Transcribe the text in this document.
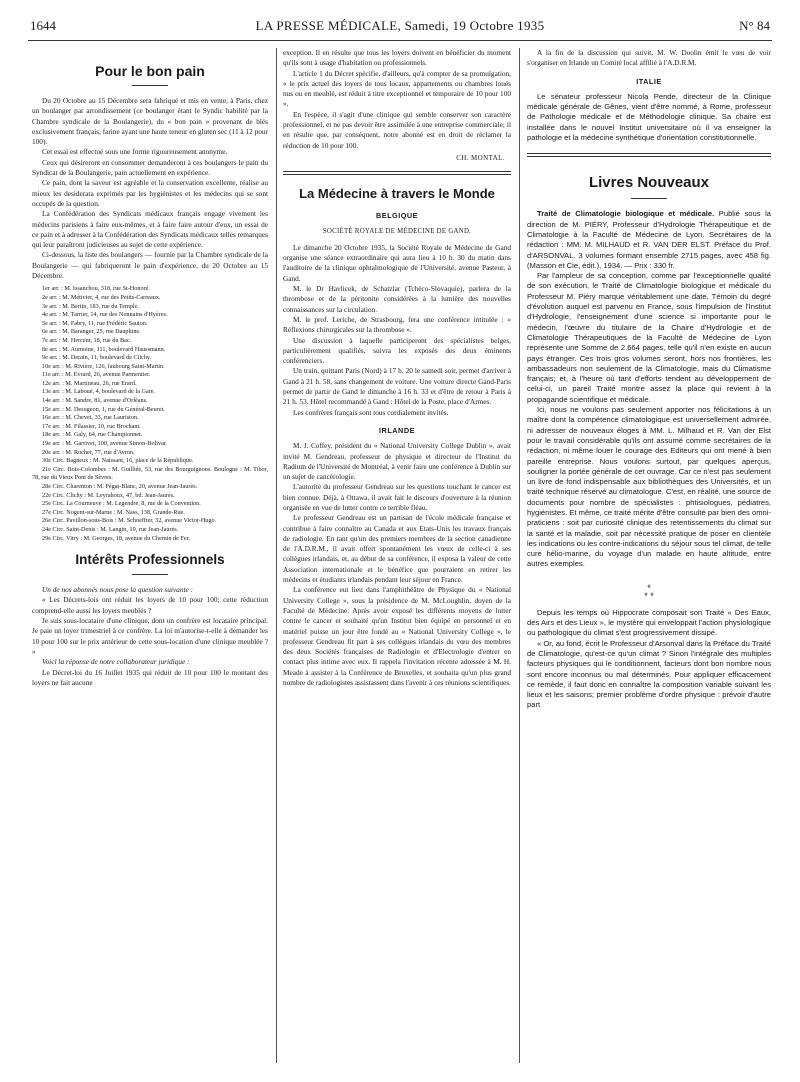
1644	LA PRESSE MÉDICALE, Samedi, 19 Octobre 1935	N° 84
Pour le bon pain

Du 20 Octobre au 15 Décembre sera fabriqué et mis en vente, à Paris, chez un boulanger par arrondissement (ce boulanger étant le Syndic habilité par la Chambre syndicale de la Boulangerie), du « bon pain » provenant de blés exclusivement français, farine ayant une haute teneur en gluten sec (11 à 12 pour 100).

Cet essai est effectué sous une forme rigoureusement anonyme.

Ceux qui désireront en consommer demanderont à ces boulangers le pain du Syndicat de la Boulangerie, pain actuellement en expérience.

Ce pain, dont la saveur est agréable et la conservation excellente, réalise au mieux les desiderata exprimés par les hygiénistes et les médecins qui se sont occupés de la question.

La Confédération des Syndicats médicaux français engage vivement les médecins parisiens à faire eux-mêmes, et à faire faire autour d'eux, un essai de ce pain et à adresser à la Confédération des Syndicats médicaux telles remarques qui leur paraîtront judicieuses au sujet de cette expérience.

Ci-dessous, la liste des boulangers — fournie par la Chambre syndicale de la Boulangerie — qui fabriqueront le pain d'expérience, du 20 Octobre au 15 Décembre.

1er arr. : M. Issanchou, 318, rue St-Honoré.

2e arr. : M. Métivier, 4, rue des Petits-Carreaux.

3e arr. : M. Bertin, 183, rue du Temple.

4e arr. : M. Tarrier, 14, rue des Nonnains d'Hyères.

5e arr. : M. Fabry, 11, rue Frédéric Sauton.

6e arr. : M. Baranger, 25, rue Dauphine.

7e arr. : M. Hercent, 18, rue du Bac.

8e arr. : M. Aumoine, 111, boulevard Haussmann.

9e arr. : M. Derain, 11, boulevard de Clichy.

10e arr. : M. Rivière, 126, faubourg Saint-Martin.

11e arr. : M. Evrard, 26, avenue Parmentier.

12e arr. : M. Martineau, 26, rue Erard.

13e arr. : M. Laboué, 4, boulevard de la Gare.

14e arr. : M. Sandre, 81, avenue d'Orléans.

15e arr. : M. Desugeon, 1, rue du Général-Beuret.

16e arr. : M. Chevet, 33, rue Lauriston.

17e arr. : M. Filassier, 10, rue Brochant.

18e arr. : M. Galy, 64, rue Championnet.

19e arr. : M. Garrivet, 100, avenue Simon-Bolivar.

20e arr. : M. Rocher, 77, rue d'Avron.

30e Circ. Bagneux : M. Naissant, 16, place de la République.

21e Circ. Bois-Colombes : M. Guilliée, 53, rue des Bourguignons. Boulogne : M. Tibor, 78, rue du Vieux Pont de Sèvres.

28e Circ. Charenton : M. Pégat-Blanc, 20, avenue Jean-Jaurès.

22e Circ. Clichy : M. Leyrahoux, 47, bd. Jean-Jaurès.

25e Circ. La Courneuve : M. Legendre, 8, rue de la Convention.

27e Circ. Nogent-sur-Marne : M. Nass, 138, Grande-Rue.

26e Circ. Pavillon-sous-Bois : M. Schoeffter, 32, avenue Victor-Hugo.

24e Circ. Saint-Denis : M. Langin, 19, rue Jean-Jaurès.

29e Circ. Vitry : M. Georges, 18, avenue du Chemin de Fer.

Intérêts Professionnels

Un de nos abonnés nous pose la question suivante :

« Les Décrets-lois ont réduit les loyers de 10 pour 100; cette réduction comprend-elle aussi les loyers meublés ?

Je suis sous-locataire d'une clinique, dont un confrère est locataire principal. Je paie un loyer trimestriel à ce confrère. La loi m'autorise-t-elle à demander les 10 pour 100 sur le prix antérieur de cette sous-location d'une clinique meublée ? »

Voici la réponse de notre collaborateur juridique :

Le Décret-loi du 16 Juillet 1935 qui réduit de 10 pour 100 le montant des loyers ne fait aucune

exception. Il en résulte que tous les loyers doivent en bénéficier du moment qu'ils sont à usage d'habitation ou professionnels.

L'article 1 du Décret spécifie, d'ailleurs, qu'à compter de sa promulgation, « le prix actuel des loyers de tous locaux, appartements ou chambres loués nus ou en meublé, est réduit à titre exceptionnel et temporaire de 10 pour 100 ».

En l'espèce, il s'agit d'une clinique qui semble conserver son caractère professionnel, et ne pas devoir être assimilée à une entreprise commerciale; il en résulte que, par conséquent, notre abonné est en droit de réclamer la réduction de 10 pour 100.

CH. MONTAL.
La Médecine à travers le Monde
BELGIQUE
SOCIÉTÉ ROYALE DE MÉDECINE DE GAND.

Le dimanche 20 Octobre 1935, la Société Royale de Médecine de Gand organise une séance extraordinaire qui aura lieu à 10 h. 30 du matin dans l'auditoire de la clinique ophtalmologique de l'Université, avenue Pasteur, à Gand.

M. le Dr Havlicek, de Schatzlar (Tchéco-Slovaquie), parlera de la thrombose et de la péritonite considérées à la lumière des nouvelles connaissances sur la circulation.

M. le prof. Leriche, de Strasbourg, fera une conférence intitulée : « Réflexions chirurgicales sur la thrombose ».

Une discussion à laquelle participeront des spécialistes belges, particulièrement qualifiés, suivra les exposés des deux éminents conférenciers.

Un train, quittant Paris (Nord) à 17 h. 20 le samedi soir, permet d'arriver à Gand à 21 h. 58, sans changement de voiture. Une voiture directe Gand-Paris permet de partir de Gand le dimanche à 16 h. 33 et d'être de retour à Paris à 21 h. 53. Hôtel recommandé à Gand : Hôtel de la Poste, place d'Armes.

Les confrères français sont tous cordialement invités.

IRLANDE

M. J. Coffey, président du « National University College Dublin », avait invité M. Gendreau, professeur de physique et directeur de l'Institut du Radium de l'Université de Montréal, à venir faire une conférence à Dublin sur un sujet de cancérologie.

L'autorité du professeur Gendreau sur les questions touchant le cancer est bien connue. Déjà, à Ottawa, il avait fait le discours d'ouverture à la réunion organisée en vue de lutter contre ce terrible fléau.

Le professeur Gendreau est un partisan de l'école médicale française et contribue à faire connaître au Canada et aux Etats-Unis les travaux français de radiologie. En tant qu'un des premiers membres de la section canadienne de l'A.D.R.M., il avait offert spontanément les vœux de celle-ci à ses collègues irlandais, et, au début de sa conférence, il exposa la valeur de cette Association internationale et le bénéfice que pourraient en retirer les médecins et étudiants irlandais pendant leur séjour en France.

La conférence eut lieu dans l'amphithéâtre de Physique du « National University College », sous la présidence de M. McLoughlin, doyen de la Faculté de Médecine. Après avoir exposé les différents moyens de lutter contre le cancer et souhaité qu'un Institut bien équipé en personnel et en matériel puisse un jour être fondé au « National University College », le professeur Gendreau fit part à ses collègues irlandais du vœu des membres des deux Sociétés françaises de Radiologie et d'Electrologie d'entrer en contact plus intime avec eux. Il rappela l'invitation récente adressée à M. H. Meade à assister à la Conférence de Bruxelles, et souhaita qu'un plus grand nombre de radiologistes assistassent dans l'avenir à ces réunions scientifiques.

A la fin de la discussion qui suivit, M. W. Doolin émit le vœu de voir s'organiser en Irlande un Comité local affilié à l'A.D.R.M.

ITALIE

Le sénateur professeur Nicola Pende, directeur de la Clinique médicale générale de Gênes, vient d'être nommé, à Rome, professeur de Pathologie médicale et de Méthodologie clinique. Sa chaire est installée dans le nouvel Institut universitaire où il va enseigner la pathologie et la médecine synthétique d'orientation constitutionnelle.

Livres Nouveaux

Traité de Climatologie biologique et médicale. Publié sous la direction de M. PIÉRY, Professeur d'Hydrologie Thérapeutique et de Climatologie à la Faculté de Médecine de Lyon. Secrétaires de la rédaction : MM. M. MILHAUD et R. VAN DER ELST. Préface du Prof. d'ARSONVAL. 3 volumes formant ensemble 2715 pages, avec 458 fig. (Masson et Cie, édit.), 1934. — Prix : 330 fr.

Par l'ampleur de sa conception, comme par l'exceptionnelle qualité de son exécution, le Traité de Climatologie biologique et médicale du Professeur M. Piéry marque véritablement une date. Témoin du degré d'évolution auquel est parvenu en France, sous l'impulsion de l'Institut d'Hydrologie, l'enseignement d'une science si importante pour le médecin, l'œuvre du titulaire de la Chaire d'Hydrologie et de Climatologie Thérapeutiques de la Faculté de Médecine de Lyon représente une Somme de 2.664 pages, telle qu'il n'en existe en aucun pays étranger. Ces trois gros volumes seront, hors nos frontières, les ambassadeurs non seulement de la Climatologie, mais du Climatisme français; et, à l'heure où tant d'efforts tendent au développement de celui-ci, un pareil Traité montre assez la place qui revient à la propagande scientifique et médicale.

Ici, nous ne voulons pas seulement apporter nos félicitations à un maître dont la compétence climatologique est universellement admirée, ni adresser de nouveaux éloges à MM. L. Milhaud et R. Van der Elst pour le travail considérable qu'ils ont assumé comme secrétaires de la rédaction, ni même louer le courage des Editeurs qui ont mené à bien pareille entreprise. Nous voulons surtout, par quelques aperçus, souligner la portée générale de cet ouvrage. Car ce n'est pas seulement un livre de fond indispensable aux bibliothèques des Universités, et un traité technique réservé au climatologue. C'est, en réalité, une source de documents pour nombre de spécialistes : phtisiologues, pédiatres, hygiénistes. Et même, ce traité mérite d'être consulté par bien des omni-praticiens : soit par curiosité clinique des retentissements du climat sur la santé et la maladie, soit par nécessité pratique de poser en clientèle les indications ou les contre-indications du séjour sous tel climat, de telle cure hélio-marine, du voyage d'un malade en haute altitude, entre autres exemples.

*
* *

Depuis les temps où Hippocrate composait son Traité « Des Eaux, des Airs et des Lieux », le mystère qui enveloppait l'action physiologique ou pathologique du climat s'est progressivement dissipé.

« Or, au fond, écrit le Professeur d'Arsonval dans la Préface du Traité de Climatologie, qu'est-ce qu'un climat ? Sinon l'intégrale des multiples facteurs physiques qui le conditionnent, facteurs dont bon nombre nous sont encore inconnus ou mal déterminés. Pour appliquer efficacement ce remède, il faut donc en connaître la composition variable suivant les lieux et les saisons; premier problème d'ordre physique : prévoir d'autre part
